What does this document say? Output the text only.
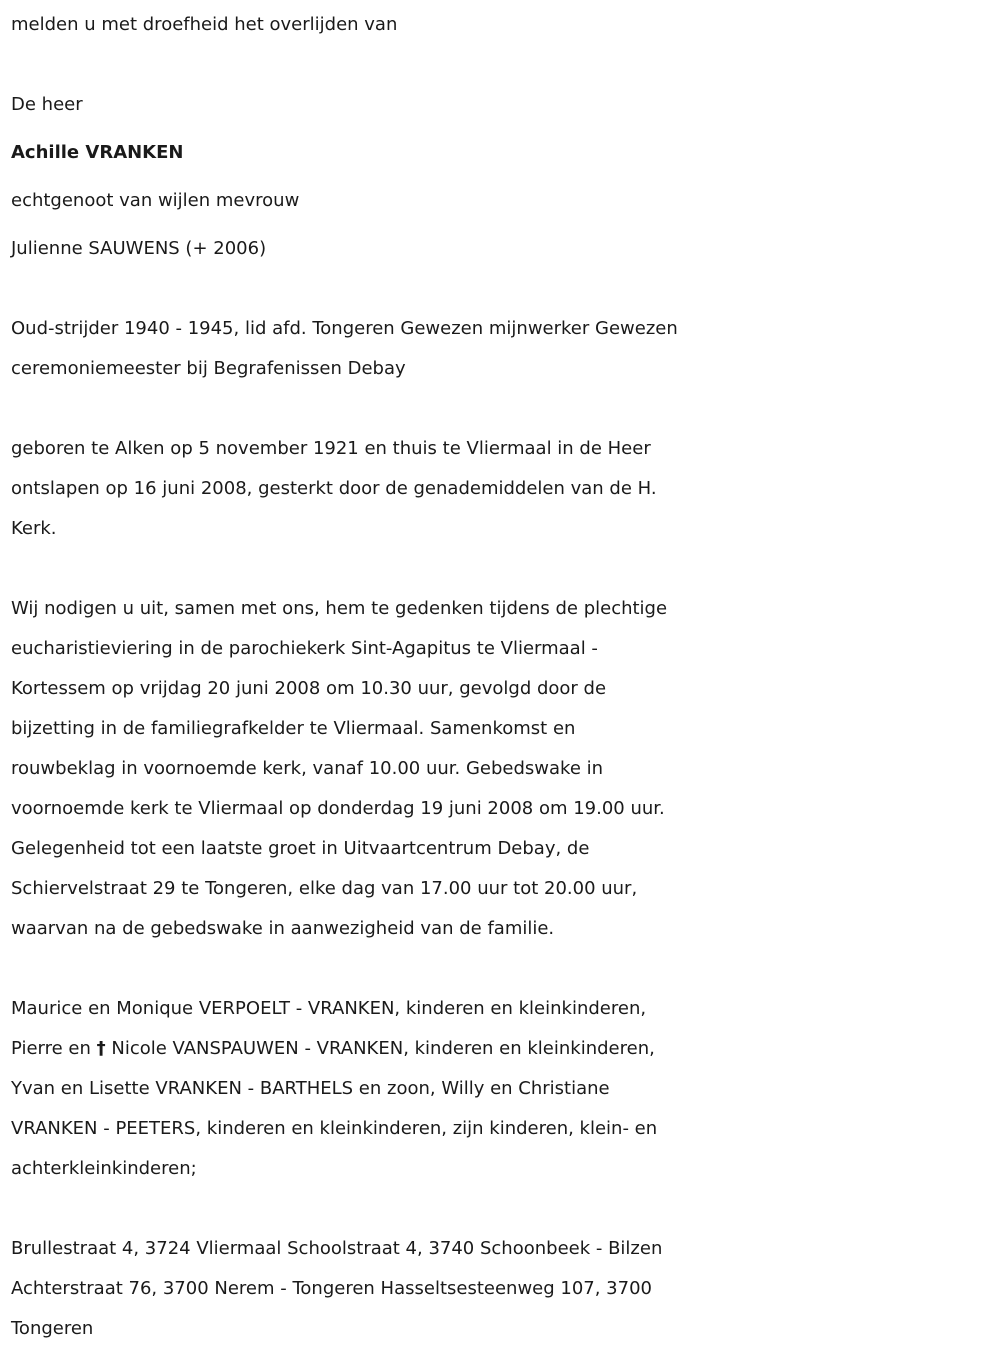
melden u met droefheid het overlijden van
De heer
Achille VRANKEN
echtgenoot van wijlen mevrouw
Julienne SAUWENS (+ 2006)
Oud-strijder 1940 - 1945, lid afd. Tongeren Gewezen mijnwerker Gewezen
ceremoniemeester bij Begrafenissen Debay
geboren te Alken op 5 november 1921 en thuis te Vliermaal in de Heer
ontslapen op 16 juni 2008, gesterkt door de genademiddelen van de H.
Kerk.
Wij nodigen u uit, samen met ons, hem te gedenken tijdens de plechtige
eucharistieviering in de parochiekerk Sint-Agapitus te Vliermaal -
Kortessem op vrijdag 20 juni 2008 om 10.30 uur, gevolgd door de
bijzetting in de familiegrafkelder te Vliermaal. Samenkomst en
rouwbeklag in voornoemde kerk, vanaf 10.00 uur. Gebedswake in
voornoemde kerk te Vliermaal op donderdag 19 juni 2008 om 19.00 uur.
Gelegenheid tot een laatste groet in Uitvaartcentrum Debay, de
Schiervelstraat 29 te Tongeren, elke dag van 17.00 uur tot 20.00 uur,
waarvan na de gebedswake in aanwezigheid van de familie.
Maurice en Monique VERPOELT - VRANKEN, kinderen en kleinkinderen,
Pierre en † Nicole VANSPAUWEN - VRANKEN, kinderen en kleinkinderen,
Yvan en Lisette VRANKEN - BARTHELS en zoon, Willy en Christiane
VRANKEN - PEETERS, kinderen en kleinkinderen, zijn kinderen, klein- en
achterkleinkinderen;
Brullestraat 4, 3724 Vliermaal Schoolstraat 4, 3740 Schoonbeek - Bilzen
Achterstraat 76, 3700 Nerem - Tongeren Hasseltsesteenweg 107, 3700
Tongeren
